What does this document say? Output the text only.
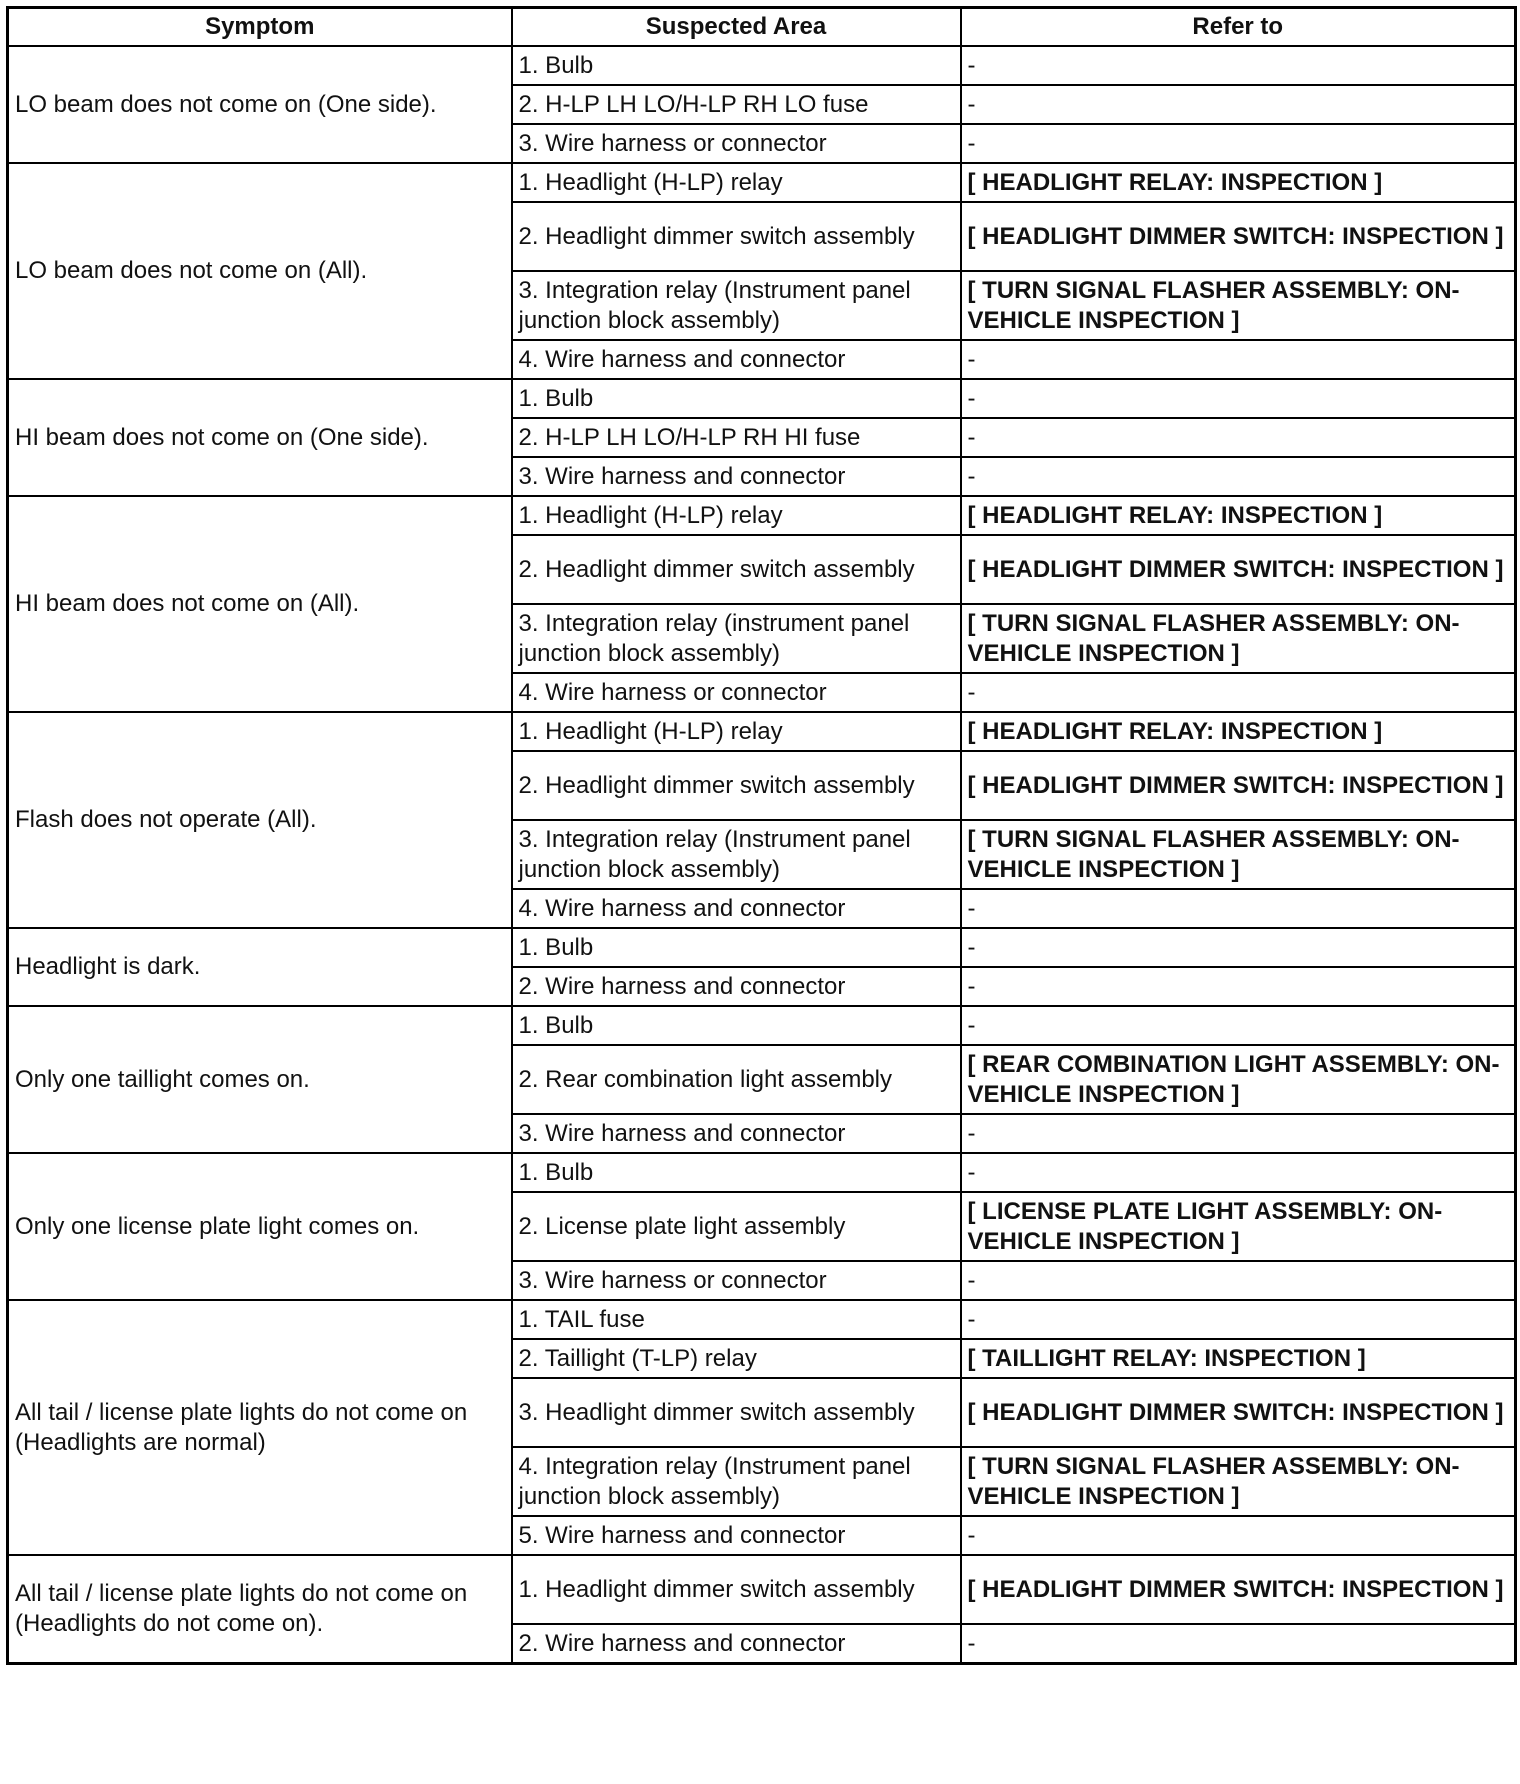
Symptom	Suspected Area	Refer to
LO beam does not come on (One side).	1. Bulb	-
	2. H-LP LH LO/H-LP RH LO fuse	-
	3. Wire harness or connector	-
LO beam does not come on (All).	1. Headlight (H-LP) relay	[ HEADLIGHT RELAY: INSPECTION ]
	2. Headlight dimmer switch assembly	[ HEADLIGHT DIMMER SWITCH: INSPECTION ]
	3. Integration relay (Instrument panel junction block assembly)	[ TURN SIGNAL FLASHER ASSEMBLY: ON-VEHICLE INSPECTION ]
	4. Wire harness and connector	-
HI beam does not come on (One side).	1. Bulb	-
	2. H-LP LH LO/H-LP RH HI fuse	-
	3. Wire harness and connector	-
HI beam does not come on (All).	1. Headlight (H-LP) relay	[ HEADLIGHT RELAY: INSPECTION ]
	2. Headlight dimmer switch assembly	[ HEADLIGHT DIMMER SWITCH: INSPECTION ]
	3. Integration relay (instrument panel junction block assembly)	[ TURN SIGNAL FLASHER ASSEMBLY: ON-VEHICLE INSPECTION ]
	4. Wire harness or connector	-
Flash does not operate (All).	1. Headlight (H-LP) relay	[ HEADLIGHT RELAY: INSPECTION ]
	2. Headlight dimmer switch assembly	[ HEADLIGHT DIMMER SWITCH: INSPECTION ]
	3. Integration relay (Instrument panel junction block assembly)	[ TURN SIGNAL FLASHER ASSEMBLY: ON-VEHICLE INSPECTION ]
	4. Wire harness and connector	-
Headlight is dark.	1. Bulb	-
	2. Wire harness and connector	-
Only one taillight comes on.	1. Bulb	-
	2. Rear combination light assembly	[ REAR COMBINATION LIGHT ASSEMBLY: ON-VEHICLE INSPECTION ]
	3. Wire harness and connector	-
Only one license plate light comes on.	1. Bulb	-
	2. License plate light assembly	[ LICENSE PLATE LIGHT ASSEMBLY: ON-VEHICLE INSPECTION ]
	3. Wire harness or connector	-
All tail / license plate lights do not come on (Headlights are normal)	1. TAIL fuse	-
	2. Taillight (T-LP) relay	[ TAILLIGHT RELAY: INSPECTION ]
	3. Headlight dimmer switch assembly	[ HEADLIGHT DIMMER SWITCH: INSPECTION ]
	4. Integration relay (Instrument panel junction block assembly)	[ TURN SIGNAL FLASHER ASSEMBLY: ON-VEHICLE INSPECTION ]
	5. Wire harness and connector	-
All tail / license plate lights do not come on (Headlights do not come on).	1. Headlight dimmer switch assembly	[ HEADLIGHT DIMMER SWITCH: INSPECTION ]
	2. Wire harness and connector	-
